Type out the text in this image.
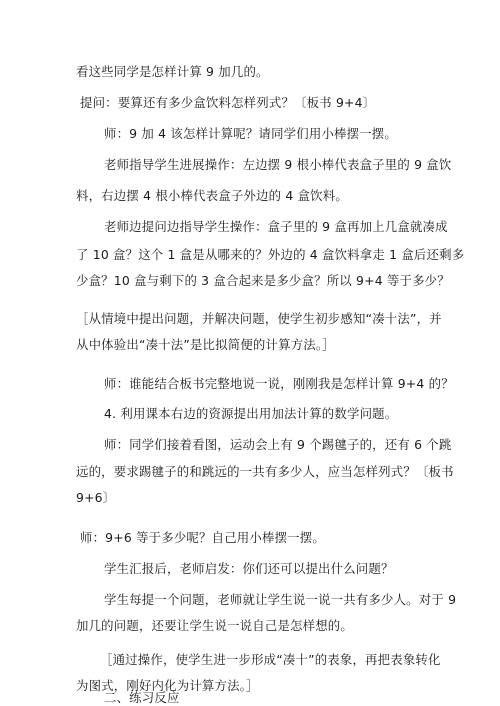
看这些同学是怎样计算 9 加几的。
提问：要算还有多少盒饮料怎样列式？〔板书 9+4〕
师：9 加 4 该怎样计算呢？请同学们用小棒摆一摆。
老师指导学生进展操作：左边摆 9 根小棒代表盒子里的 9 盒饮
料，右边摆 4 根小棒代表盒子外边的 4 盒饮料。
老师边提问边指导学生操作：盒子里的 9 盒再加上几盒就凑成
了 10 盒？这个 1 盒是从哪来的？外边的 4 盒饮料拿走 1 盒后还剩多
少盒？10 盒与剩下的 3 盒合起来是多少盒？所以 9+4 等于多少？
［从情境中提出问题，并解决问题，使学生初步感知“凑十法”，并
从中体验出“凑十法”是比拟简便的计算方法。］
师：谁能结合板书完整地说一说，刚刚我是怎样计算 9+4 的？
4. 利用课本右边的资源提出用加法计算的数学问题。
师：同学们接着看图，运动会上有 9 个踢毽子的，还有 6 个跳
远的，要求踢毽子的和跳远的一共有多少人，应当怎样列式？〔板书
9+6〕
师：9+6 等于多少呢？自己用小棒摆一摆。
学生汇报后，老师启发：你们还可以提出什么问题？
学生每提一个问题，老师就让学生说一说一共有多少人。对于 9
加几的问题，还要让学生说一说自己是怎样想的。
［通过操作，使学生进一步形成“凑十”的表象，再把表象转化
为图式，刚好内化为计算方法。］
二、练习反应
